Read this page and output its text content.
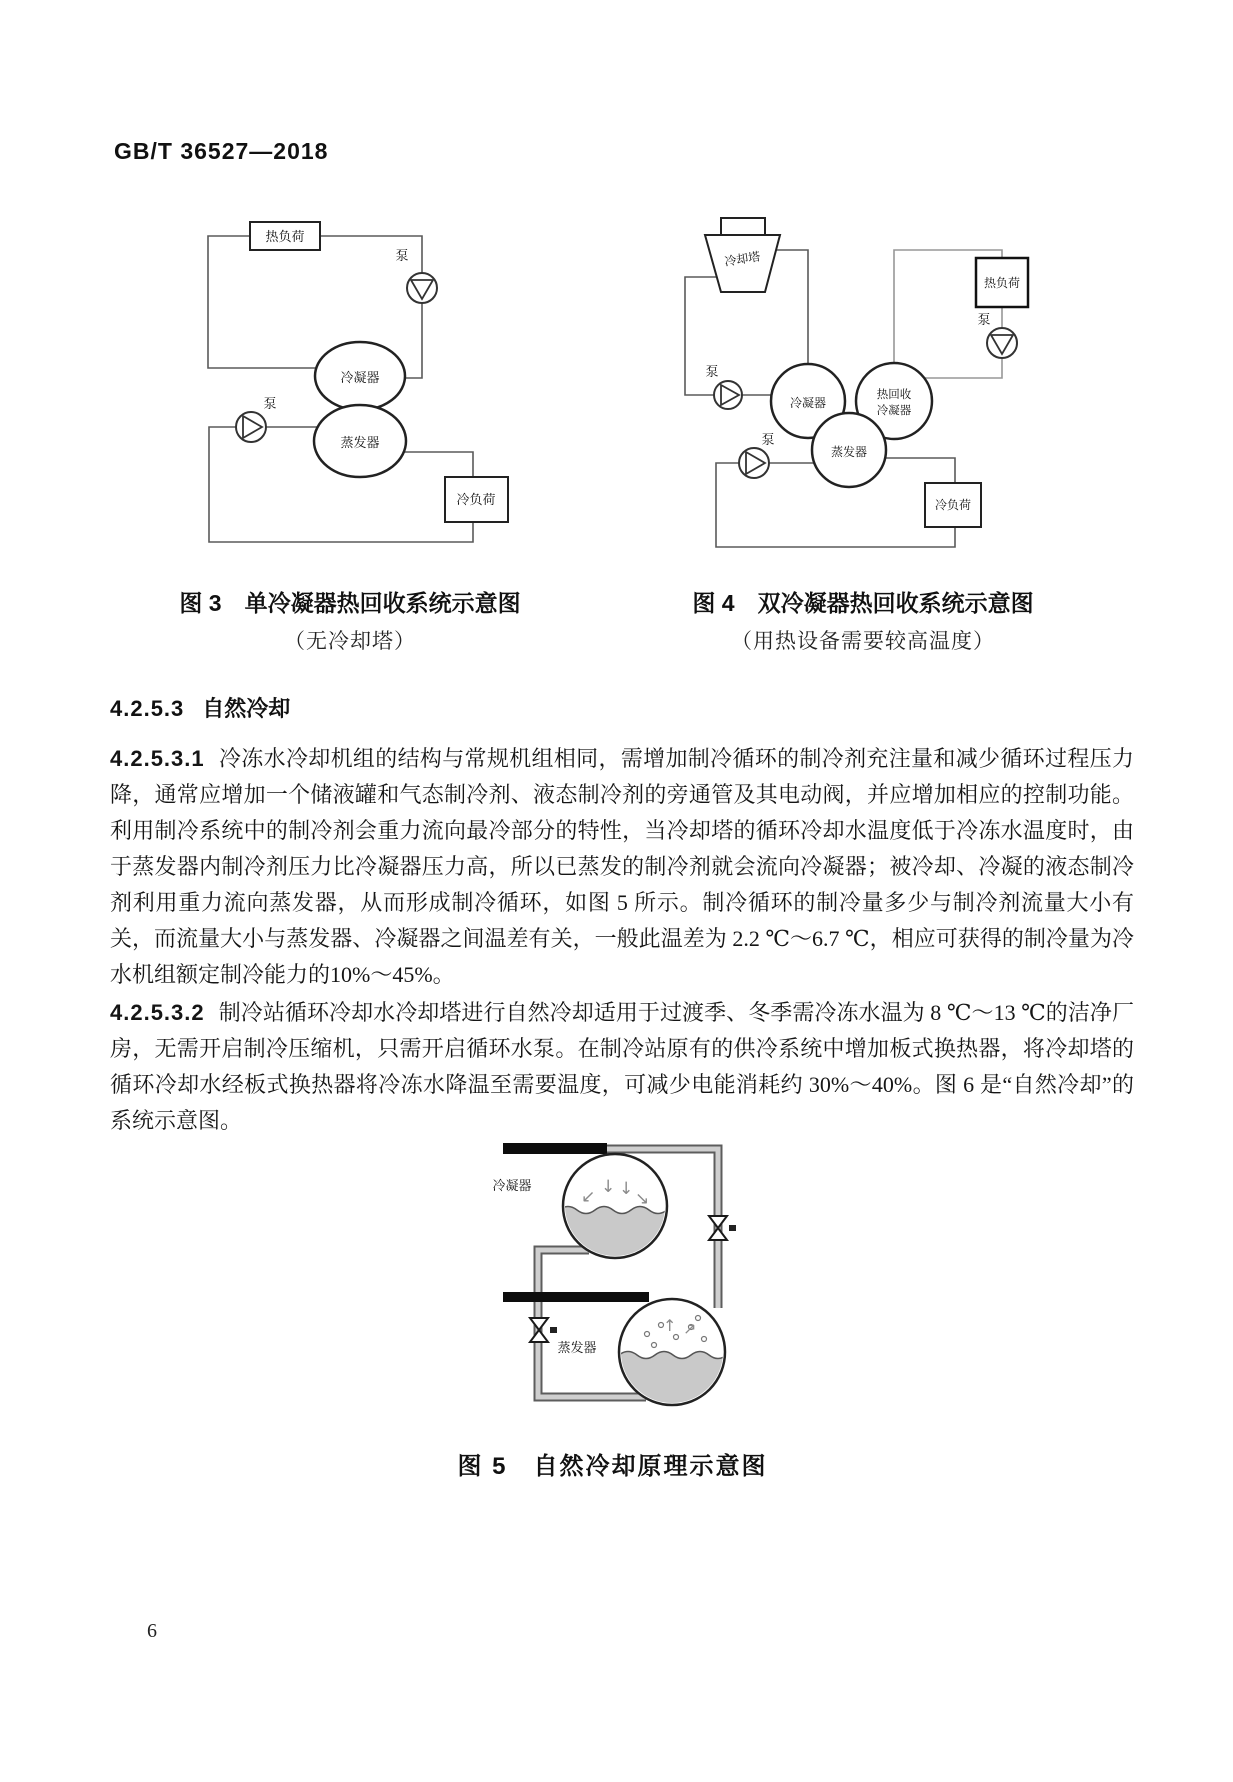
GB/T 36527—2018
热负荷
泵
泵
冷凝器
蒸发器
冷负荷
冷却塔
热负荷
泵
泵
泵
冷凝器
热回收
冷凝器
蒸发器
冷负荷
图 3　单冷凝器热回收系统示意图
（无冷却塔）
图 4　双冷凝器热回收系统示意图
（用热设备需要较高温度）
4.2.5.3 自然冷却

4.2.5.3.1 冷冻水冷却机组的结构与常规机组相同，需增加制冷循环的制冷剂充注量和减少循环过程压力降，通常应增加一个储液罐和气态制冷剂、液态制冷剂的旁通管及其电动阀，并应增加相应的控制功能。利用制冷系统中的制冷剂会重力流向最冷部分的特性，当冷却塔的循环冷却水温度低于冷冻水温度时，由于蒸发器内制冷剂压力比冷凝器压力高，所以已蒸发的制冷剂就会流向冷凝器；被冷却、冷凝的液态制冷剂利用重力流向蒸发器，从而形成制冷循环，如图 5 所示。制冷循环的制冷量多少与制冷剂流量大小有关，而流量大小与蒸发器、冷凝器之间温差有关，一般此温差为 2.2 ℃～6.7 ℃，相应可获得的制冷量为冷水机组额定制冷能力的10%～45%。

4.2.5.3.2 制冷站循环冷却水冷却塔进行自然冷却适用于过渡季、冬季需冷冻水温为 8 ℃～13 ℃的洁净厂房，无需开启制冷压缩机，只需开启循环水泵。在制冷站原有的供冷系统中增加板式换热器，将冷却塔的循环冷却水经板式换热器将冷冻水降温至需要温度，可减少电能消耗约 30%～40%。图 6 是“自然冷却”的系统示意图。

↙ ↓ ↓ ↘
冷凝器
↑ ↗
蒸发器
图 5　自然冷却原理示意图
6
